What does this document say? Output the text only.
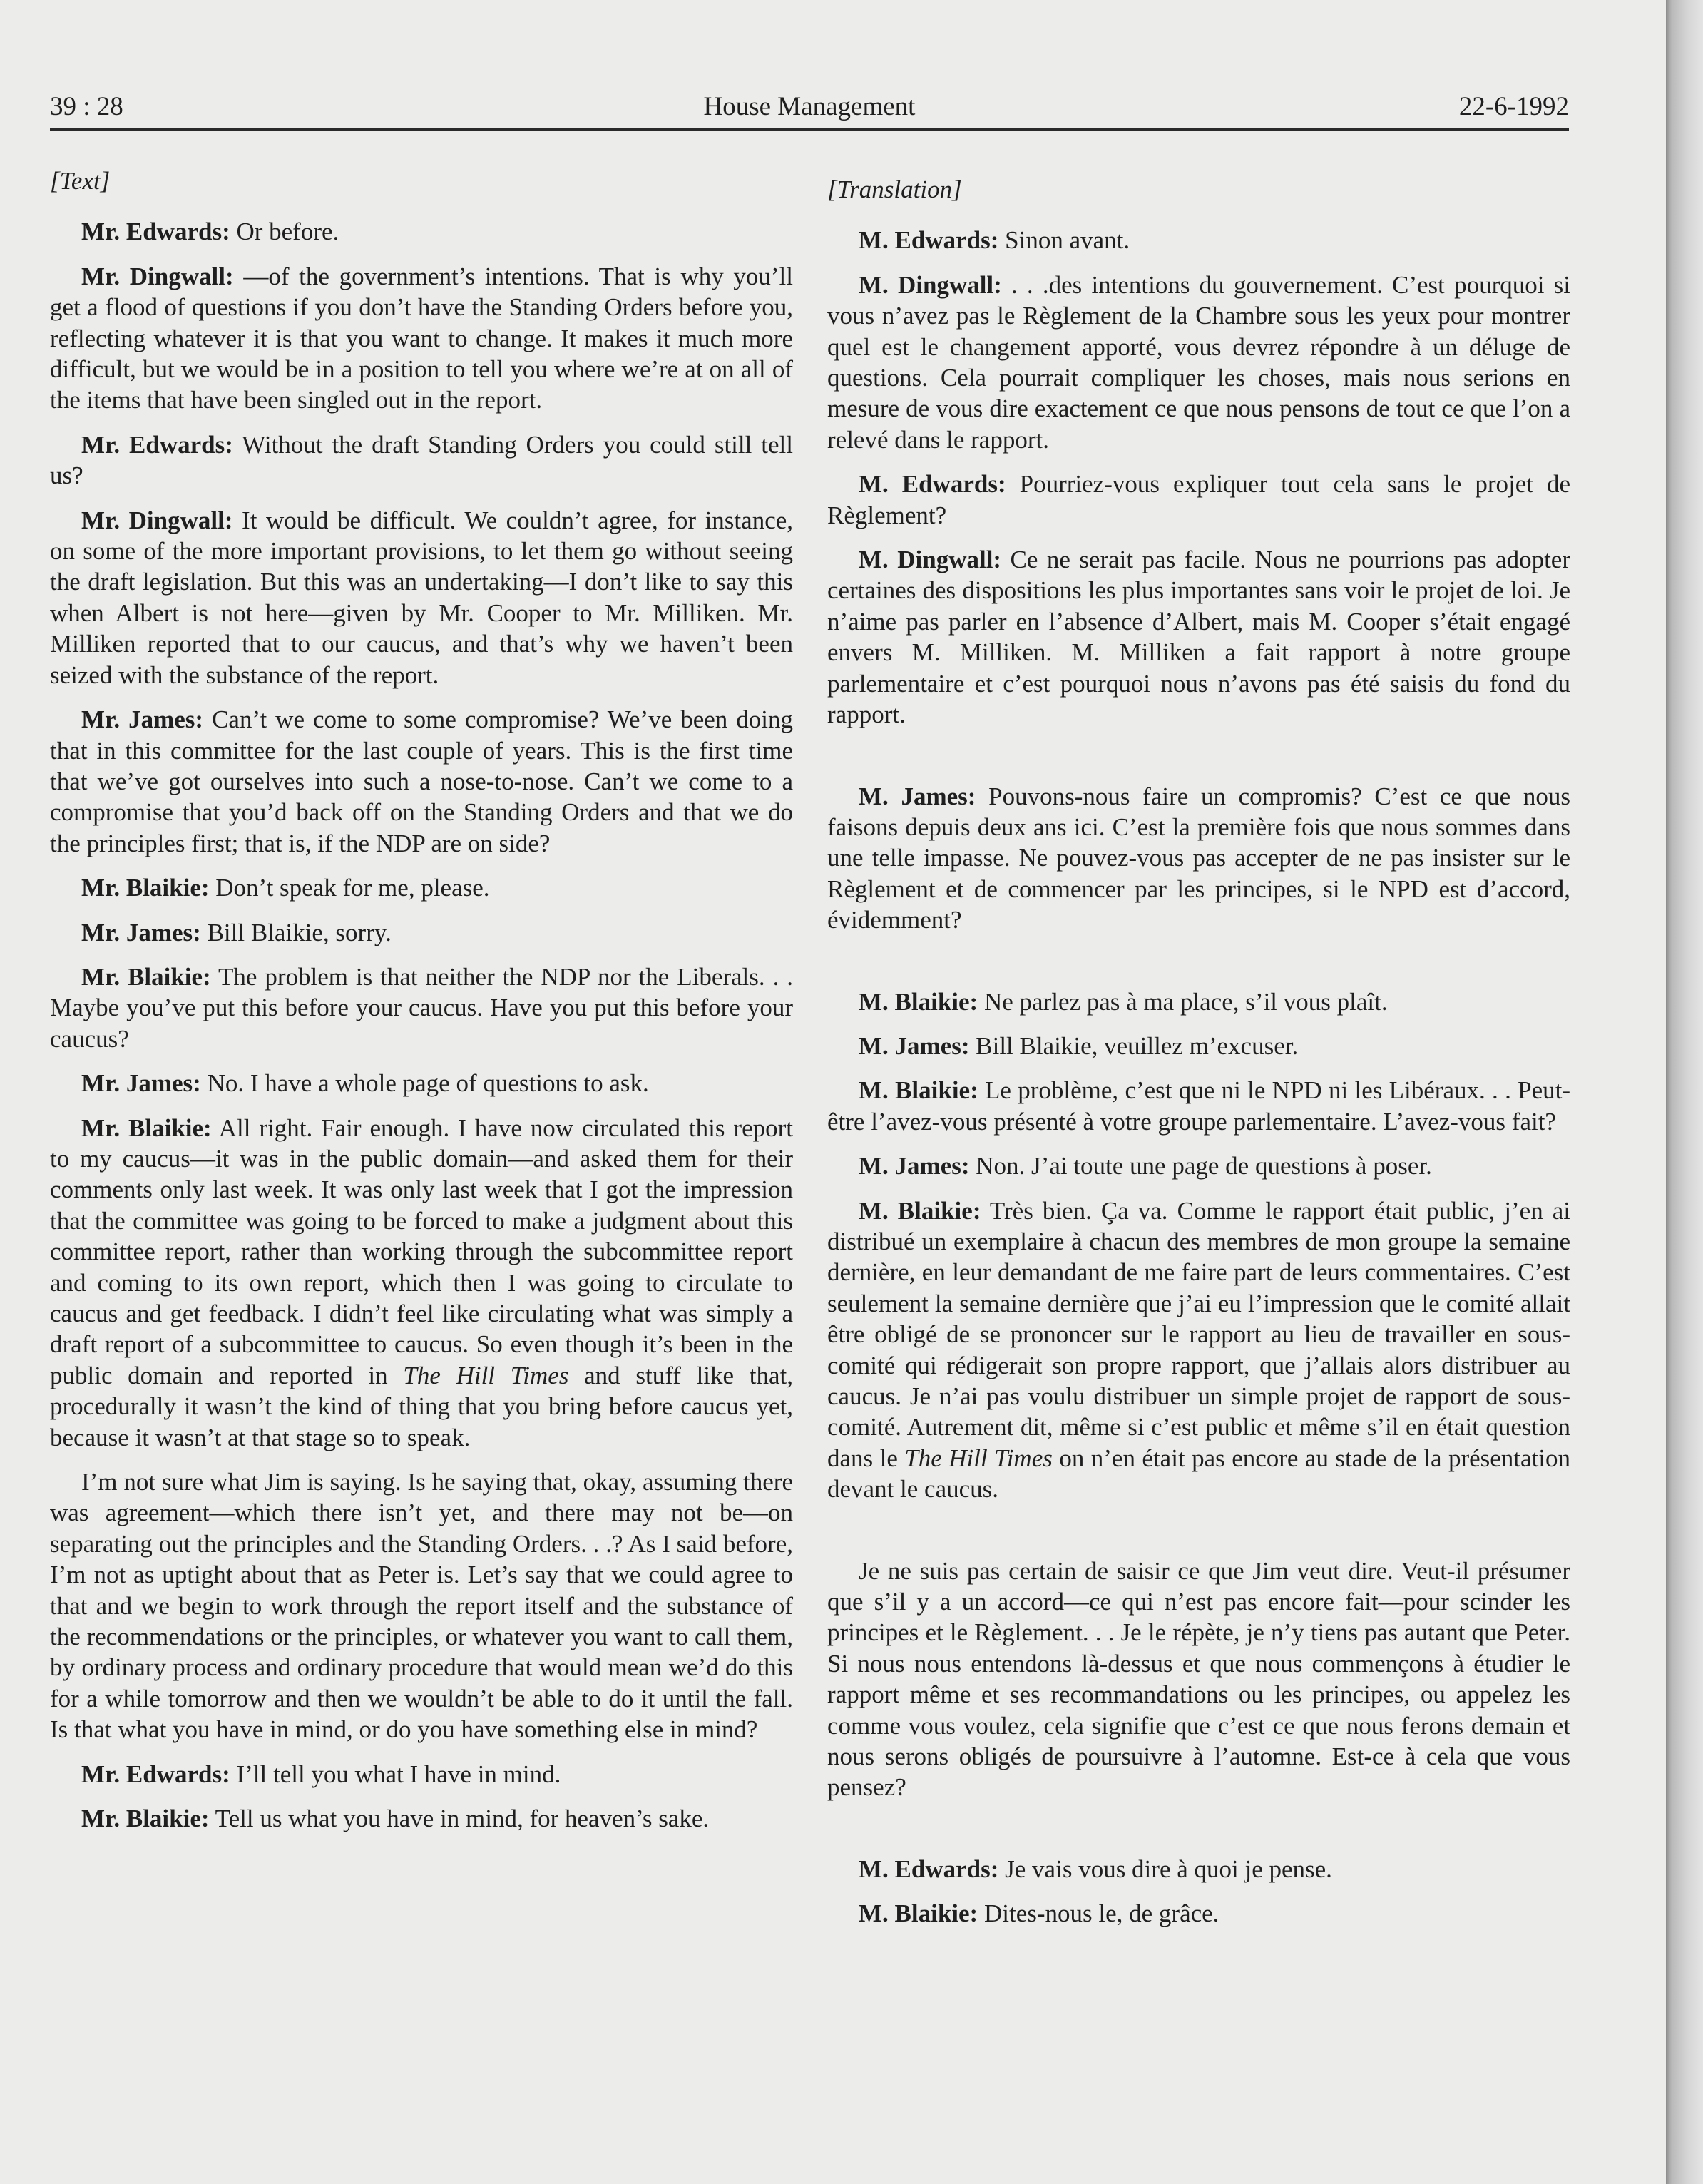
39 : 28	House Management	22-6-1992

[Text]

Mr. Edwards: Or before.

Mr. Dingwall: —of the government’s intentions. That is why you’ll get a flood of questions if you don’t have the Standing Orders before you, reflecting whatever it is that you want to change. It makes it much more difficult, but we would be in a position to tell you where we’re at on all of the items that have been singled out in the report.

Mr. Edwards: Without the draft Standing Orders you could still tell us?

Mr. Dingwall: It would be difficult. We couldn’t agree, for instance, on some of the more important provisions, to let them go without seeing the draft legislation. But this was an undertaking—I don’t like to say this when Albert is not here—given by Mr. Cooper to Mr. Milliken. Mr. Milliken reported that to our caucus, and that’s why we haven’t been seized with the substance of the report.

Mr. James: Can’t we come to some compromise? We’ve been doing that in this committee for the last couple of years. This is the first time that we’ve got ourselves into such a nose-to-nose. Can’t we come to a compromise that you’d back off on the Standing Orders and that we do the principles first; that is, if the NDP are on side?

Mr. Blaikie: Don’t speak for me, please.

Mr. James: Bill Blaikie, sorry.

Mr. Blaikie: The problem is that neither the NDP nor the Liberals. . . Maybe you’ve put this before your caucus. Have you put this before your caucus?

Mr. James: No. I have a whole page of questions to ask.

Mr. Blaikie: All right. Fair enough. I have now circulated this report to my caucus—it was in the public domain—and asked them for their comments only last week. It was only last week that I got the impression that the committee was going to be forced to make a judgment about this committee report, rather than working through the subcommittee report and coming to its own report, which then I was going to circulate to caucus and get feedback. I didn’t feel like circulating what was simply a draft report of a subcommittee to caucus. So even though it’s been in the public domain and reported in The Hill Times and stuff like that, procedurally it wasn’t the kind of thing that you bring before caucus yet, because it wasn’t at that stage so to speak.

I’m not sure what Jim is saying. Is he saying that, okay, assuming there was agreement—which there isn’t yet, and there may not be—on separating out the principles and the Standing Orders. . .? As I said before, I’m not as uptight about that as Peter is. Let’s say that we could agree to that and we begin to work through the report itself and the substance of the recommendations or the principles, or whatever you want to call them, by ordinary process and ordinary procedure that would mean we’d do this for a while tomorrow and then we wouldn’t be able to do it until the fall. Is that what you have in mind, or do you have something else in mind?

Mr. Edwards: I’ll tell you what I have in mind.

Mr. Blaikie: Tell us what you have in mind, for heaven’s sake.

[Translation]

M. Edwards: Sinon avant.

M. Dingwall: . . .des intentions du gouvernement. C’est pourquoi si vous n’avez pas le Règlement de la Chambre sous les yeux pour montrer quel est le changement apporté, vous devrez répondre à un déluge de questions. Cela pourrait compliquer les choses, mais nous serions en mesure de vous dire exactement ce que nous pensons de tout ce que l’on a relevé dans le rapport.

M. Edwards: Pourriez-vous expliquer tout cela sans le projet de Règlement?

M. Dingwall: Ce ne serait pas facile. Nous ne pourrions pas adopter certaines des dispositions les plus importantes sans voir le projet de loi. Je n’aime pas parler en l’absence d’Albert, mais M. Cooper s’était engagé envers M. Milliken. M. Milliken a fait rapport à notre groupe parlementaire et c’est pourquoi nous n’avons pas été saisis du fond du rapport.

M. James: Pouvons-nous faire un compromis? C’est ce que nous faisons depuis deux ans ici. C’est la première fois que nous sommes dans une telle impasse. Ne pouvez-vous pas accepter de ne pas insister sur le Règlement et de commencer par les principes, si le NPD est d’accord, évidemment?

M. Blaikie: Ne parlez pas à ma place, s’il vous plaît.

M. James: Bill Blaikie, veuillez m’excuser.

M. Blaikie: Le problème, c’est que ni le NPD ni les Libéraux. . . Peut-être l’avez-vous présenté à votre groupe parlementaire. L’avez-vous fait?

M. James: Non. J’ai toute une page de questions à poser.

M. Blaikie: Très bien. Ça va. Comme le rapport était public, j’en ai distribué un exemplaire à chacun des membres de mon groupe la semaine dernière, en leur demandant de me faire part de leurs commentaires. C’est seulement la semaine dernière que j’ai eu l’impression que le comité allait être obligé de se prononcer sur le rapport au lieu de travailler en sous-comité qui rédigerait son propre rapport, que j’allais alors distribuer au caucus. Je n’ai pas voulu distribuer un simple projet de rapport de sous-comité. Autrement dit, même si c’est public et même s’il en était question dans le The Hill Times on n’en était pas encore au stade de la présentation devant le caucus.

Je ne suis pas certain de saisir ce que Jim veut dire. Veut-il présumer que s’il y a un accord—ce qui n’est pas encore fait—pour scinder les principes et le Règlement. . . Je le répète, je n’y tiens pas autant que Peter. Si nous nous entendons là-dessus et que nous commençons à étudier le rapport même et ses recommandations ou les principes, ou appelez les comme vous voulez, cela signifie que c’est ce que nous ferons demain et nous serons obligés de poursuivre à l’automne. Est-ce à cela que vous pensez?

M. Edwards: Je vais vous dire à quoi je pense.

M. Blaikie: Dites-nous le, de grâce.
